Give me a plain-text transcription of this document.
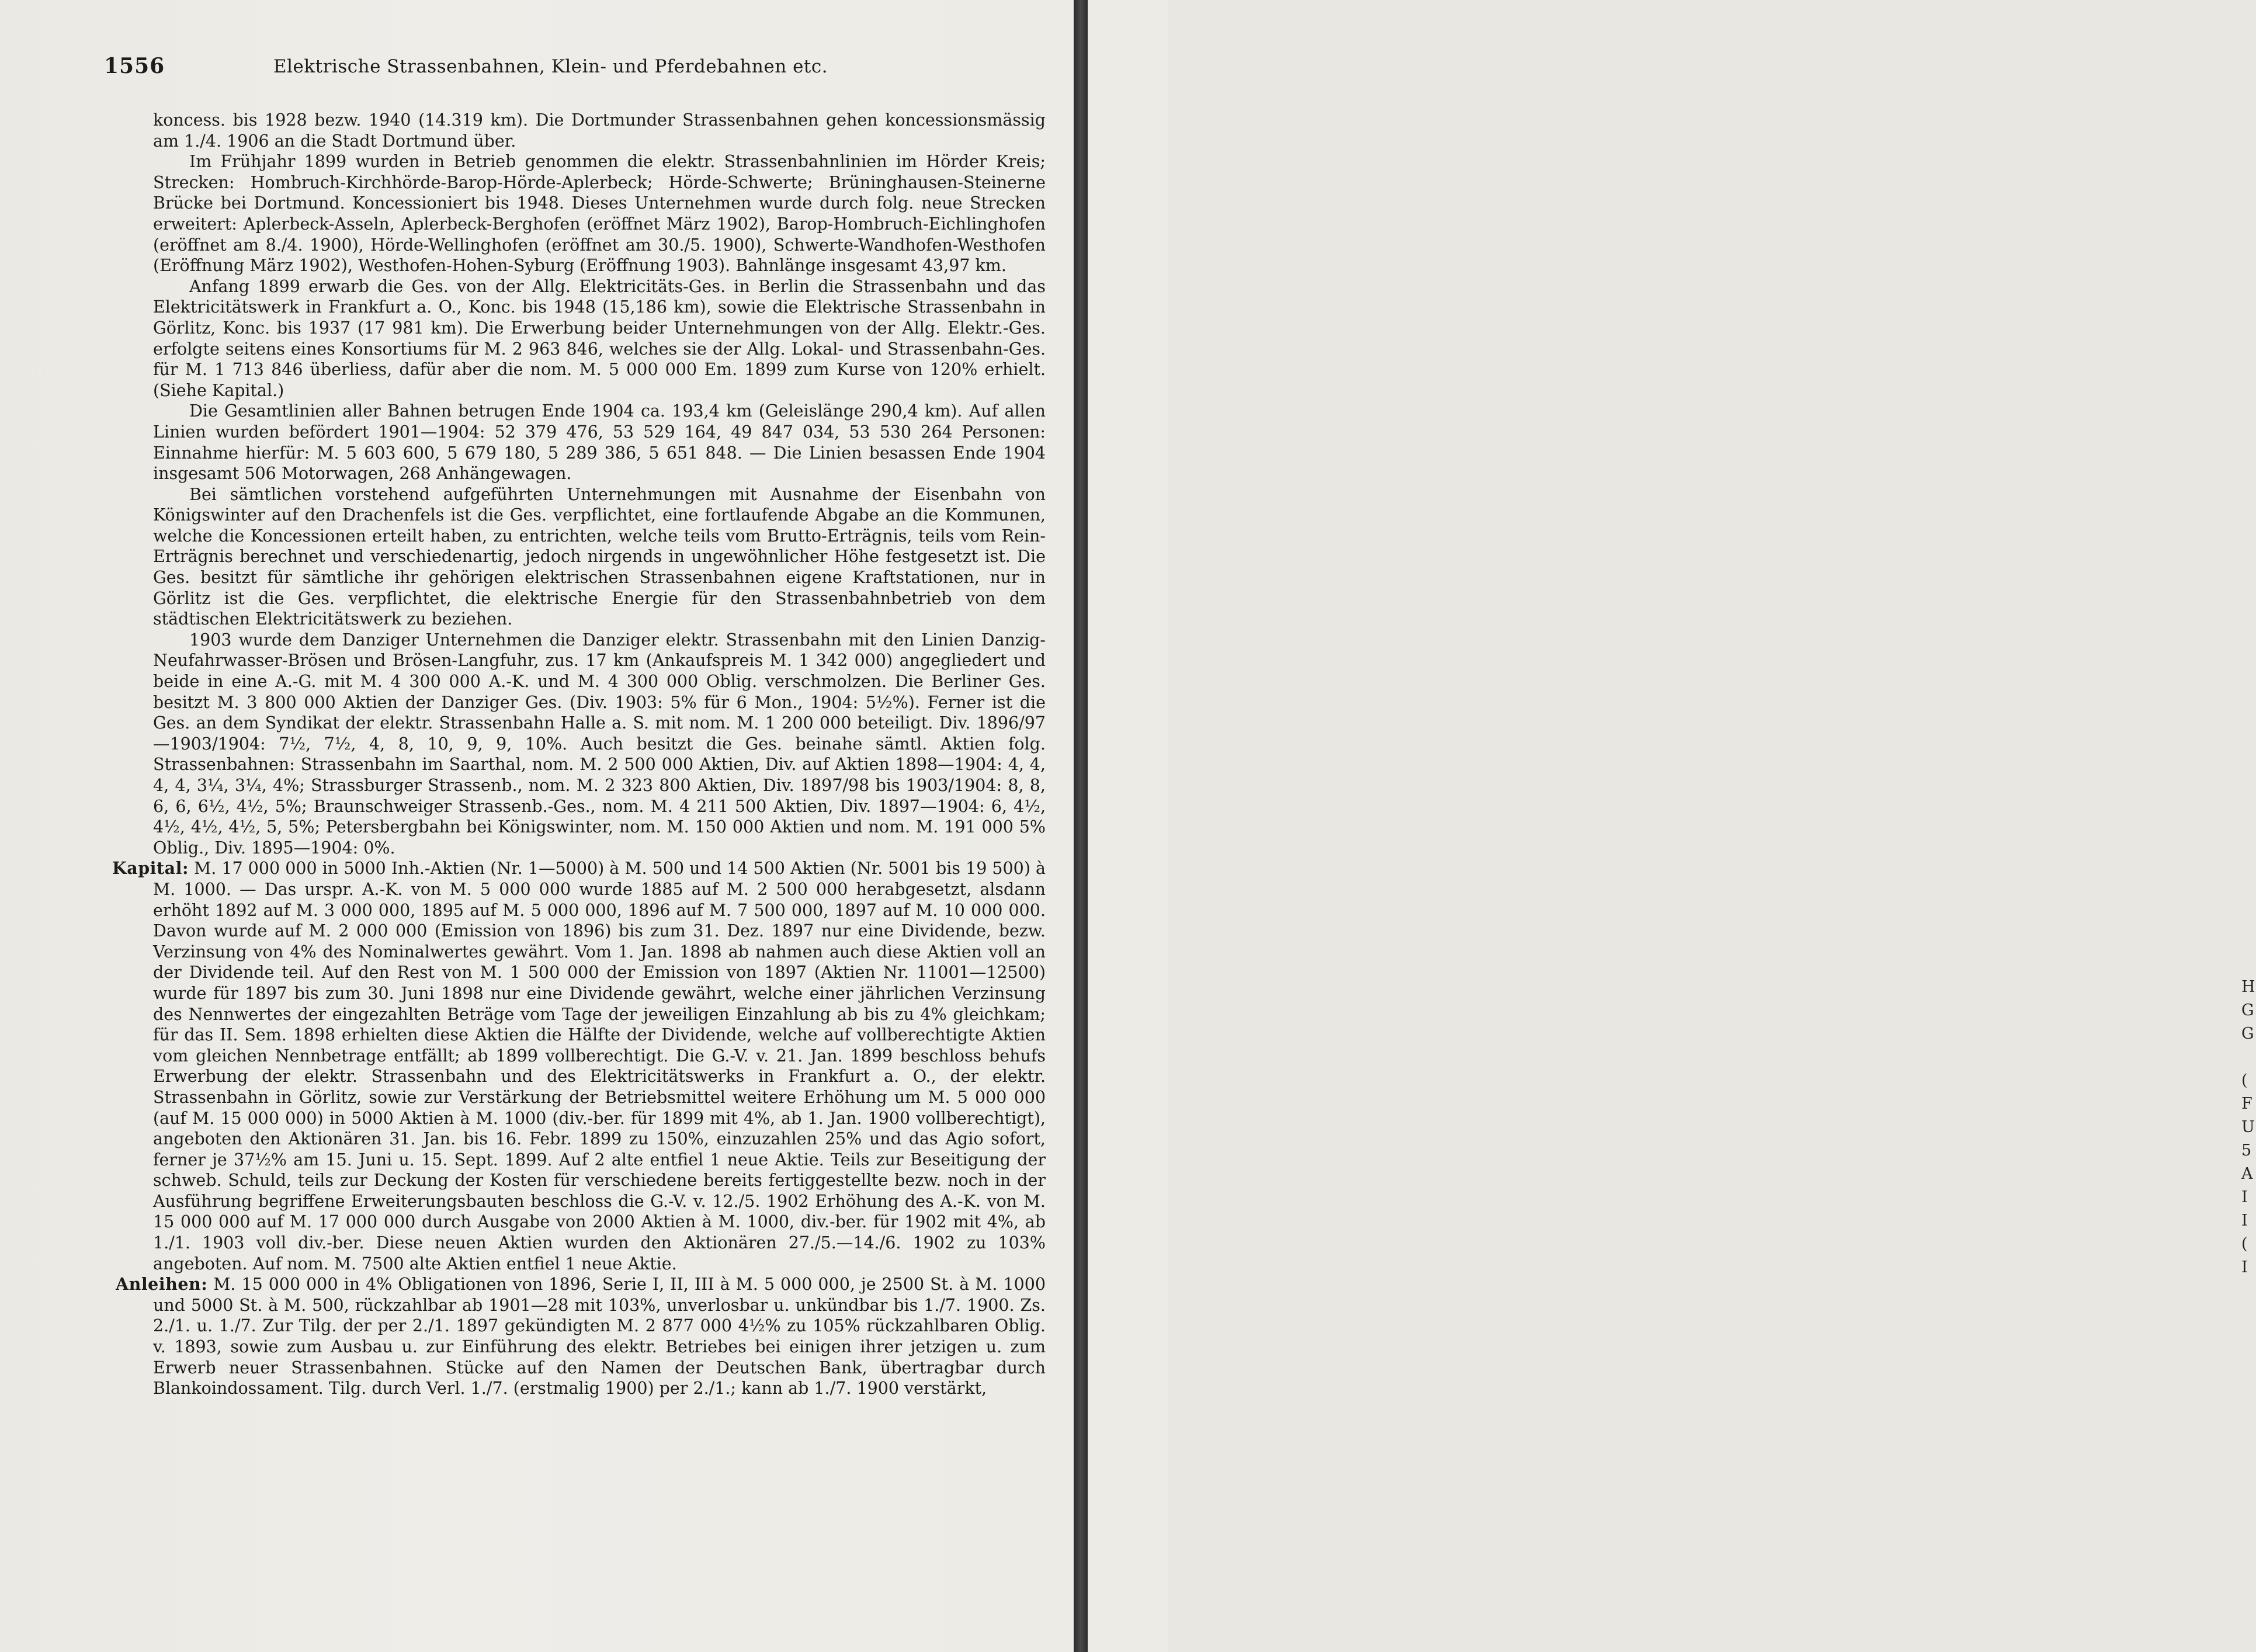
1556	Elektrische Strassenbahnen, Klein- und Pferdebahnen etc.

koncess. bis 1928 bezw. 1940 (14.319 km). Die Dortmunder Strassenbahnen gehen koncessionsmässig am 1./4. 1906 an die Stadt Dortmund über.

Im Frühjahr 1899 wurden in Betrieb genommen die elektr. Strassenbahnlinien im Hörder Kreis; Strecken: Hombruch-Kirchhörde-Barop-Hörde-Aplerbeck; Hörde-Schwerte; Brüninghausen-Steinerne Brücke bei Dortmund. Koncessioniert bis 1948. Dieses Unternehmen wurde durch folg. neue Strecken erweitert: Aplerbeck-Asseln, Aplerbeck-Berghofen (eröffnet März 1902), Barop-Hombruch-Eichlinghofen (eröffnet am 8./4. 1900), Hörde-Wellinghofen (eröffnet am 30./5. 1900), Schwerte-Wandhofen-Westhofen (Eröffnung März 1902), Westhofen-Hohen-Syburg (Eröffnung 1903). Bahnlänge insgesamt 43,97 km.

Anfang 1899 erwarb die Ges. von der Allg. Elektricitäts-Ges. in Berlin die Strassenbahn und das Elektricitätswerk in Frankfurt a. O., Konc. bis 1948 (15,186 km), sowie die Elektrische Strassenbahn in Görlitz, Konc. bis 1937 (17 981 km). Die Erwerbung beider Unternehmungen von der Allg. Elektr.-Ges. erfolgte seitens eines Konsortiums für M. 2 963 846, welches sie der Allg. Lokal- und Strassenbahn-Ges. für M. 1 713 846 überliess, dafür aber die nom. M. 5 000 000 Em. 1899 zum Kurse von 120% erhielt. (Siehe Kapital.)

Die Gesamtlinien aller Bahnen betrugen Ende 1904 ca. 193,4 km (Geleislänge 290,4 km). Auf allen Linien wurden befördert 1901—1904: 52 379 476, 53 529 164, 49 847 034, 53 530 264 Personen: Einnahme hierfür: M. 5 603 600, 5 679 180, 5 289 386, 5 651 848. — Die Linien besassen Ende 1904 insgesamt 506 Motorwagen, 268 Anhängewagen.

Bei sämtlichen vorstehend aufgeführten Unternehmungen mit Ausnahme der Eisenbahn von Königswinter auf den Drachenfels ist die Ges. verpflichtet, eine fortlaufende Abgabe an die Kommunen, welche die Koncessionen erteilt haben, zu entrichten, welche teils vom Brutto-Erträgnis, teils vom Rein-Erträgnis berechnet und verschiedenartig, jedoch nirgends in ungewöhnlicher Höhe festgesetzt ist. Die Ges. besitzt für sämtliche ihr gehörigen elektrischen Strassenbahnen eigene Kraftstationen, nur in Görlitz ist die Ges. verpflichtet, die elektrische Energie für den Strassenbahnbetrieb von dem städtischen Elektricitätswerk zu beziehen.

1903 wurde dem Danziger Unternehmen die Danziger elektr. Strassenbahn mit den Linien Danzig-Neufahrwasser-Brösen und Brösen-Langfuhr, zus. 17 km (Ankaufspreis M. 1 342 000) angegliedert und beide in eine A.-G. mit M. 4 300 000 A.-K. und M. 4 300 000 Oblig. verschmolzen. Die Berliner Ges. besitzt M. 3 800 000 Aktien der Danziger Ges. (Div. 1903: 5% für 6 Mon., 1904: 5½%). Ferner ist die Ges. an dem Syndikat der elektr. Strassenbahn Halle a. S. mit nom. M. 1 200 000 beteiligt. Div. 1896/97—1903/1904: 7½, 7½, 4, 8, 10, 9, 9, 10%. Auch besitzt die Ges. beinahe sämtl. Aktien folg. Strassenbahnen: Strassenbahn im Saarthal, nom. M. 2 500 000 Aktien, Div. auf Aktien 1898—1904: 4, 4, 4, 4, 3¼, 3¼, 4%; Strassburger Strassenb., nom. M. 2 323 800 Aktien, Div. 1897/98 bis 1903/1904: 8, 8, 6, 6, 6½, 4½, 5%; Braunschweiger Strassenb.-Ges., nom. M. 4 211 500 Aktien, Div. 1897—1904: 6, 4½, 4½, 4½, 4½, 5, 5%; Petersbergbahn bei Königswinter, nom. M. 150 000 Aktien und nom. M. 191 000 5% Oblig., Div. 1895—1904: 0%.

Kapital: M. 17 000 000 in 5000 Inh.-Aktien (Nr. 1—5000) à M. 500 und 14 500 Aktien (Nr. 5001 bis 19 500) à M. 1000. — Das urspr. A.-K. von M. 5 000 000 wurde 1885 auf M. 2 500 000 herabgesetzt, alsdann erhöht 1892 auf M. 3 000 000, 1895 auf M. 5 000 000, 1896 auf M. 7 500 000, 1897 auf M. 10 000 000. Davon wurde auf M. 2 000 000 (Emission von 1896) bis zum 31. Dez. 1897 nur eine Dividende, bezw. Verzinsung von 4% des Nominalwertes gewährt. Vom 1. Jan. 1898 ab nahmen auch diese Aktien voll an der Dividende teil. Auf den Rest von M. 1 500 000 der Emission von 1897 (Aktien Nr. 11001—12500) wurde für 1897 bis zum 30. Juni 1898 nur eine Dividende gewährt, welche einer jährlichen Verzinsung des Nennwertes der eingezahlten Beträge vom Tage der jeweiligen Einzahlung ab bis zu 4% gleichkam; für das II. Sem. 1898 erhielten diese Aktien die Hälfte der Dividende, welche auf vollberechtigte Aktien vom gleichen Nennbetrage entfällt; ab 1899 vollberechtigt. Die G.-V. v. 21. Jan. 1899 beschloss behufs Erwerbung der elektr. Strassenbahn und des Elektricitätswerks in Frankfurt a. O., der elektr. Strassenbahn in Görlitz, sowie zur Verstärkung der Betriebsmittel weitere Erhöhung um M. 5 000 000 (auf M. 15 000 000) in 5000 Aktien à M. 1000 (div.-ber. für 1899 mit 4%, ab 1. Jan. 1900 vollberechtigt), angeboten den Aktionären 31. Jan. bis 16. Febr. 1899 zu 150%, einzuzahlen 25% und das Agio sofort, ferner je 37½% am 15. Juni u. 15. Sept. 1899. Auf 2 alte entfiel 1 neue Aktie. Teils zur Beseitigung der schweb. Schuld, teils zur Deckung der Kosten für verschiedene bereits fertiggestellte bezw. noch in der Ausführung begriffene Erweiterungsbauten beschloss die G.-V. v. 12./5. 1902 Erhöhung des A.-K. von M. 15 000 000 auf M. 17 000 000 durch Ausgabe von 2000 Aktien à M. 1000, div.-ber. für 1902 mit 4%, ab 1./1. 1903 voll div.-ber. Diese neuen Aktien wurden den Aktionären 27./5.—14./6. 1902 zu 103% angeboten. Auf nom. M. 7500 alte Aktien entfiel 1 neue Aktie.

Anleihen: M. 15 000 000 in 4% Obligationen von 1896, Serie I, II, III à M. 5 000 000, je 2500 St. à M. 1000 und 5000 St. à M. 500, rückzahlbar ab 1901—28 mit 103%, unverlosbar u. unkündbar bis 1./7. 1900. Zs. 2./1. u. 1./7. Zur Tilg. der per 2./1. 1897 gekündigten M. 2 877 000 4½% zu 105% rückzahlbaren Oblig. v. 1893, sowie zum Ausbau u. zur Einführung des elektr. Betriebes bei einigen ihrer jetzigen u. zum Erwerb neuer Strassenbahnen. Stücke auf den Namen der Deutschen Bank, übertragbar durch Blankoindossament. Tilg. durch Verl. 1./7. (erstmalig 1900) per 2./1.; kann ab 1./7. 1900 verstärkt,

H
G
G

(
F
U
5
A
I
I
(
I
